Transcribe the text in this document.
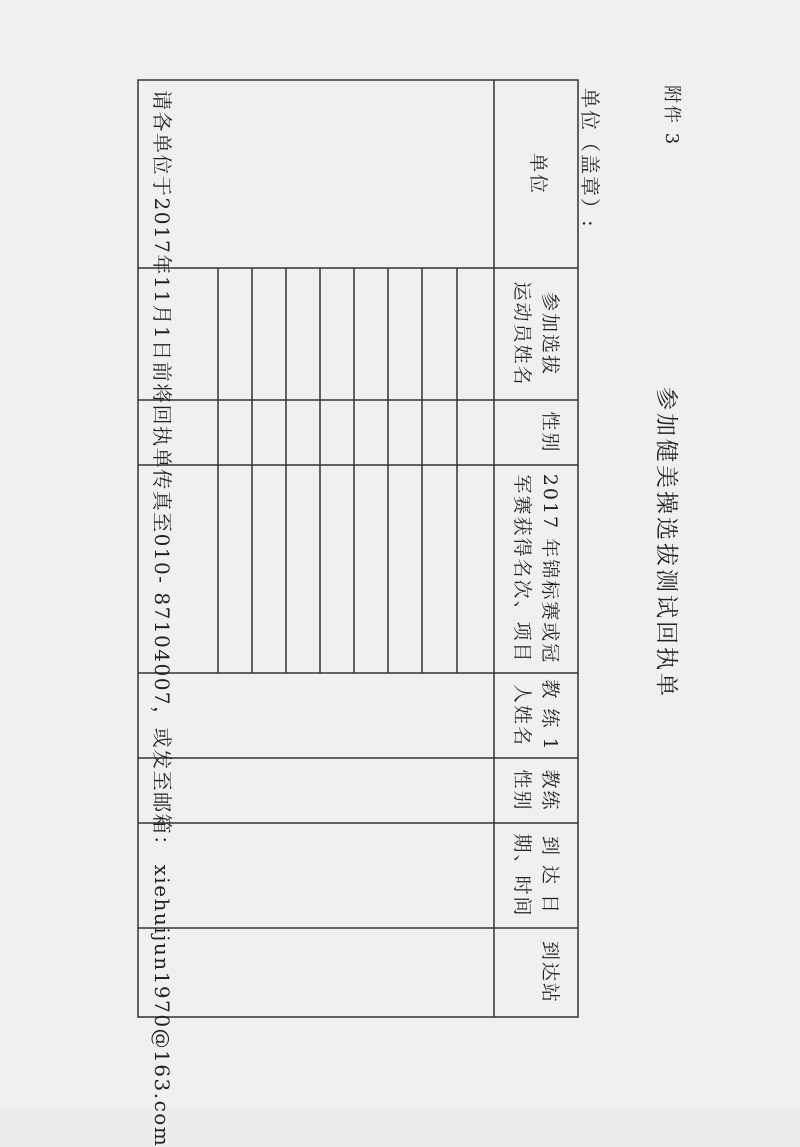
附件 3
参加健美操选拔测试回执单
单位（盖章）:
单位
参加选拔
运动员姓名
性别
2017 年锦标赛或冠
军赛获得名次、项目
教 练 1
人姓名
教练
性别
到 达 日
期、时间
到达站
请各单位于2017年11月1日前将回执单传真至010- 87104007，或发至邮箱： xiehuijun1970@163.com
